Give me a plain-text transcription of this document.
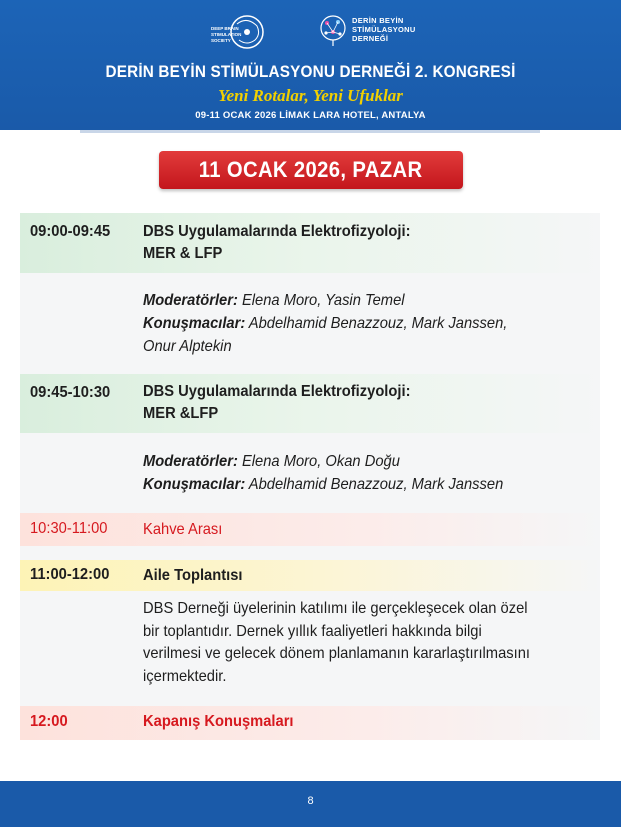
DEEP BRAIN
STIMULATION
SOCIETY
DERİN BEYİN
STİMÜLASYONU
DERNEĞİ
DERİN BEYİN STİMÜLASYONU DERNEĞİ 2. KONGRESİ
Yeni Rotalar, Yeni Ufuklar
09-11 OCAK 2026 LİMAK LARA HOTEL, ANTALYA
11 OCAK 2026, PAZAR
09:00-09:45 DBS Uygulamalarında Elektrofizyoloji:
MER & LFP
Moderatörler: Elena Moro, Yasin Temel
Konuşmacılar: Abdelhamid Benazzouz, Mark Janssen,
Onur Alptekin
09:45-10:30 DBS Uygulamalarında Elektrofizyoloji:
MER &LFP
Moderatörler: Elena Moro, Okan Doğu
Konuşmacılar: Abdelhamid Benazzouz, Mark Janssen
10:30-11:00 Kahve Arası
11:00-12:00 Aile Toplantısı
DBS Derneği üyelerinin katılımı ile gerçekleşecek olan özel
bir toplantıdır. Dernek yıllık faaliyetleri hakkında bilgi
verilmesi ve gelecek dönem planlamanın kararlaştırılmasını
içermektedir.
12:00	Kapanış Konuşmaları
8
